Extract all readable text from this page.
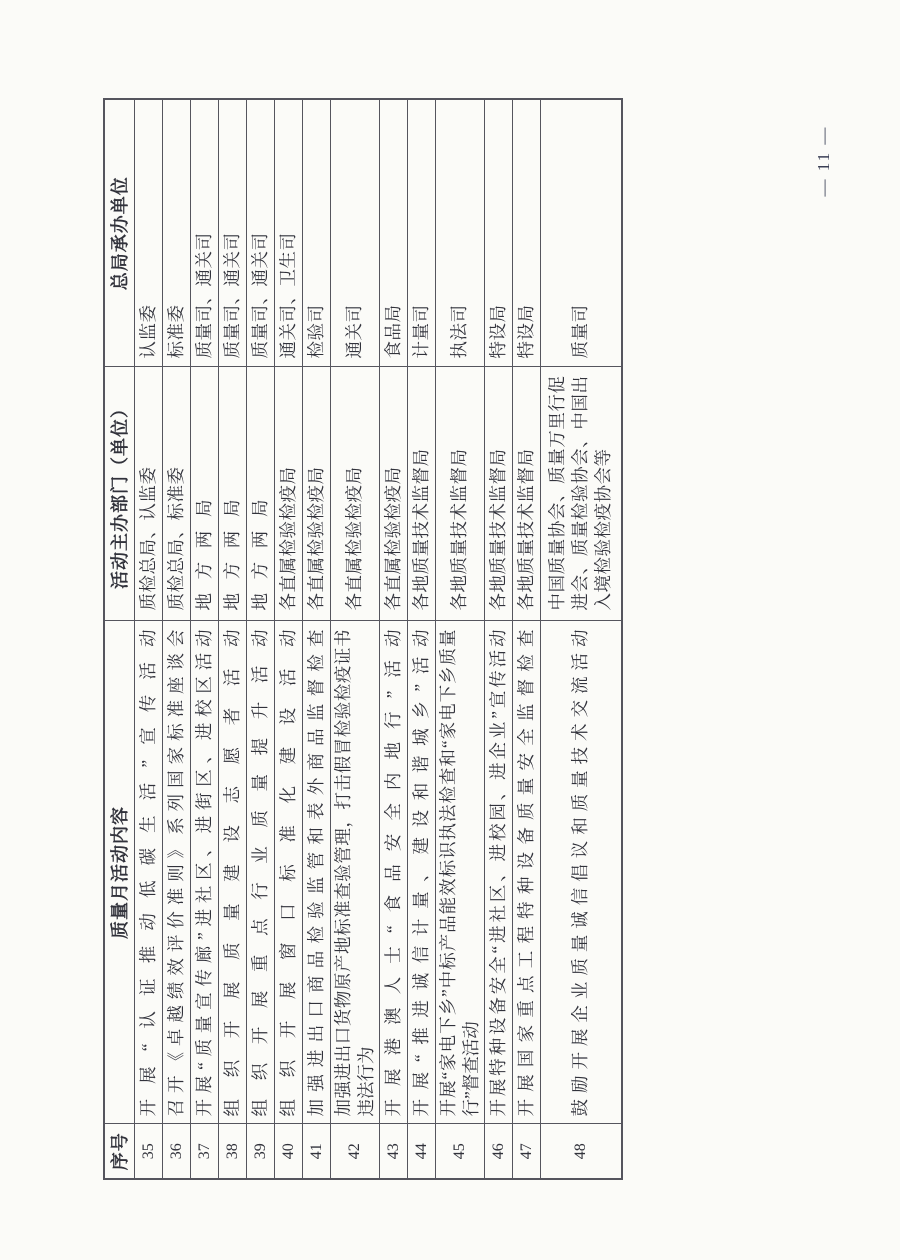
— 11 —
序号	质量月活动内容	活动主办部门（单位）	总局承办单位

35	开展“认证推动低碳生活”宣传活动	质检总局、认监委	认监委

36	召开《卓越绩效评价准则》系列国家标准座谈会	质检总局、标准委	标准委

37	开展“质量宣传廊”进社区、进街区、进校区活动	地方两局	质量司、通关司

38	组织开展质量建设志愿者活动	地方两局	质量司、通关司

39	组织开展重点行业质量提升活动	地方两局	质量司、通关司

40	组织开展窗口标准化建设活动	各直属检验检疫局	通关司、卫生司

41	加强进出口商品检验监管和表外商品监督检查	各直属检验检疫局	检验司

42	加强进出口货物原产地标准查验管理，打击假冒检验检疫证书违法行为	各直属检验检疫局	通关司

43	开展港澳人士“食品安全内地行”活动	各直属检验检疫局	食品局

44	开展“推进诚信计量、建设和谐城乡”活动	各地质量技术监督局	计量司

45	开展“家电下乡”中标产品能效标识执法检查和“家电下乡质量行”督查活动	各地质量技术监督局	执法司

46	开展特种设备安全“进社区、进校园、进企业”宣传活动	各地质量技术监督局	特设局

47	开展国家重点工程特种设备质量安全监督检查	各地质量技术监督局	特设局

48	鼓励开展企业质量诚信倡议和质量技术交流活动	中国质量协会、质量万里行促进会、质量检验协会、中国出入境检验检疫协会等	质量司
